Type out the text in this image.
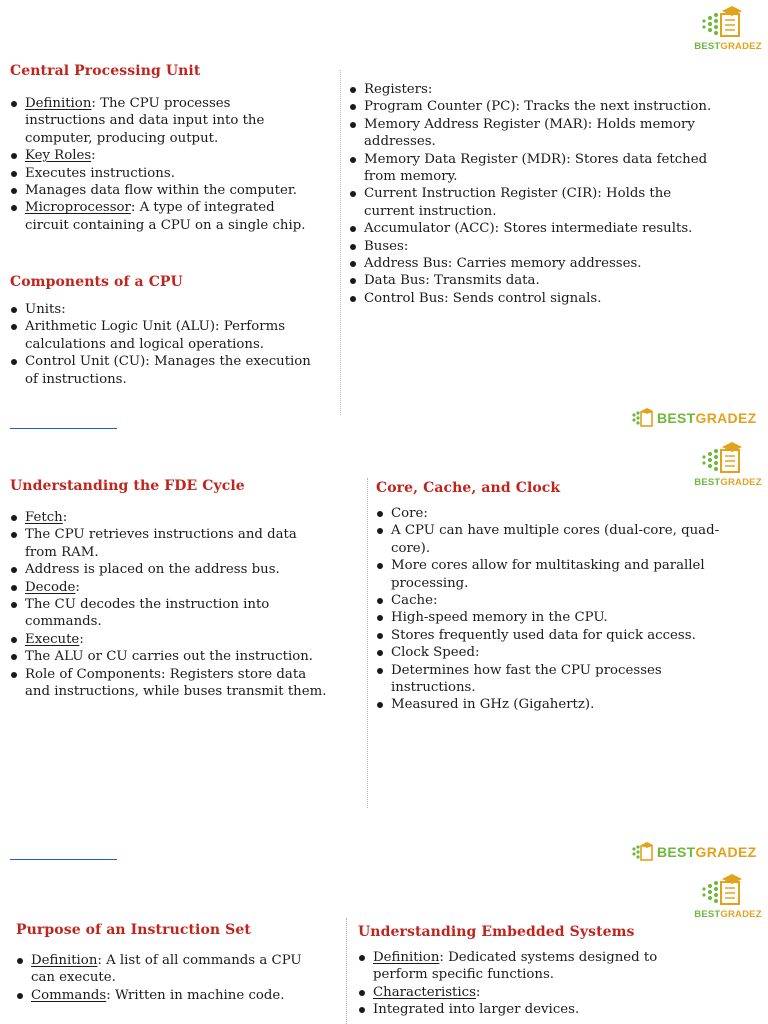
BESTGRADEZ
Central Processing Unit
Definition: The CPU processes instructions and data input into the computer, producing output.
Key Roles:
Executes instructions.
Manages data flow within the computer.
Microprocessor: A type of integrated circuit containing a CPU on a single chip.
Components of a CPU
Units:
Arithmetic Logic Unit (ALU): Performs calculations and logical operations.
Control Unit (CU): Manages the execution of instructions.
Registers:
Program Counter (PC): Tracks the next instruction.
Memory Address Register (MAR): Holds memory addresses.
Memory Data Register (MDR): Stores data fetched from memory.
Current Instruction Register (CIR): Holds the current instruction.
Accumulator (ACC): Stores intermediate results.
Buses:
Address Bus: Carries memory addresses.
Data Bus: Transmits data.
Control Bus: Sends control signals.
BESTGRADEZ
BESTGRADEZ
Understanding the FDE Cycle
Fetch:
The CPU retrieves instructions and data from RAM.
Address is placed on the address bus.
Decode:
The CU decodes the instruction into commands.
Execute:
The ALU or CU carries out the instruction.
Role of Components: Registers store data and instructions, while buses transmit them.
Core, Cache, and Clock
Core:
A CPU can have multiple cores (dual-core, quad-core).
More cores allow for multitasking and parallel processing.
Cache:
High-speed memory in the CPU.
Stores frequently used data for quick access.
Clock Speed:
Determines how fast the CPU processes instructions.
Measured in GHz (Gigahertz).
BESTGRADEZ
BESTGRADEZ
Purpose of an Instruction Set
Definition: A list of all commands a CPU can execute.
Commands: Written in machine code.
Understanding Embedded Systems
Definition: Dedicated systems designed to perform specific functions.
Characteristics:
Integrated into larger devices.
